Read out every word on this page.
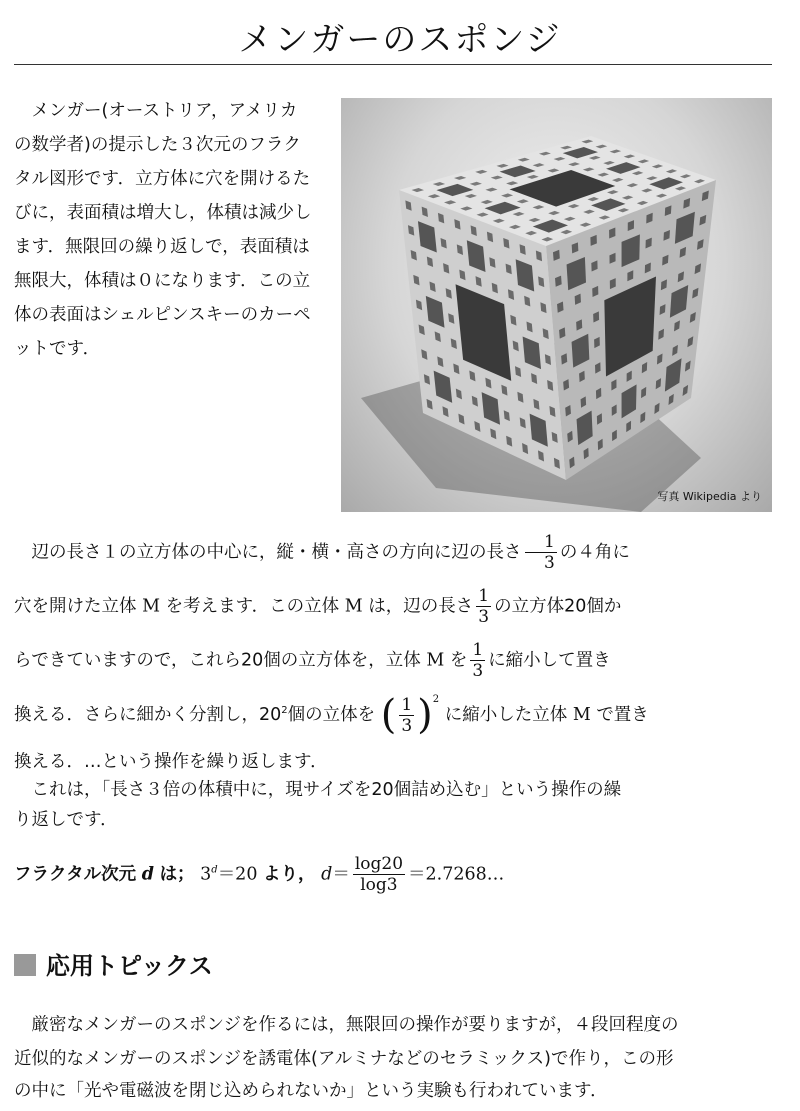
メンガーのスポンジ

メンガー(オーストリア，アメリカの数学者)の提示した３次元のフラクタル図形です．立方体に穴を開けるたびに，表面積は増大し，体積は減少します．無限回の繰り返しで，表面積は無限大，体積は０になります．この立体の表面はシェルピンスキーのカーペットです．

写真 Wikipedia より

辺の長さ１の立方体の中心に，縦・横・高さの方向に辺の長さ $\frac{1}{3}$ の４角に

穴を開けた立体 M を考えます．この立体 M は，辺の長さ $\frac{1}{3}$ の立方体20個か

らできていますので，これら20個の立方体を，立体 M を $\frac{1}{3}$ に縮小して置き

換える．さらに細かく分割し，$20^2$個の立体を ( $\frac{1}{3} )^2$ に縮小した立体 M で置き

換える．…という操作を繰り返します．

これは，「長さ３倍の体積中に，現サイズを20個詰め込む」という操作の繰

り返しです．

フラクタル次元 d は； $3^d=20$ より， $d= \frac{\log 20}{\log 3}$ ＝2.7268…
応用トピックス

厳密なメンガーのスポンジを作るには，無限回の操作が要りますが，４段回程度の

近似的なメンガーのスポンジを誘電体(アルミナなどのセラミックス)で作り，この形

の中に「光や電磁波を閉じ込められないか」という実験も行われています．
